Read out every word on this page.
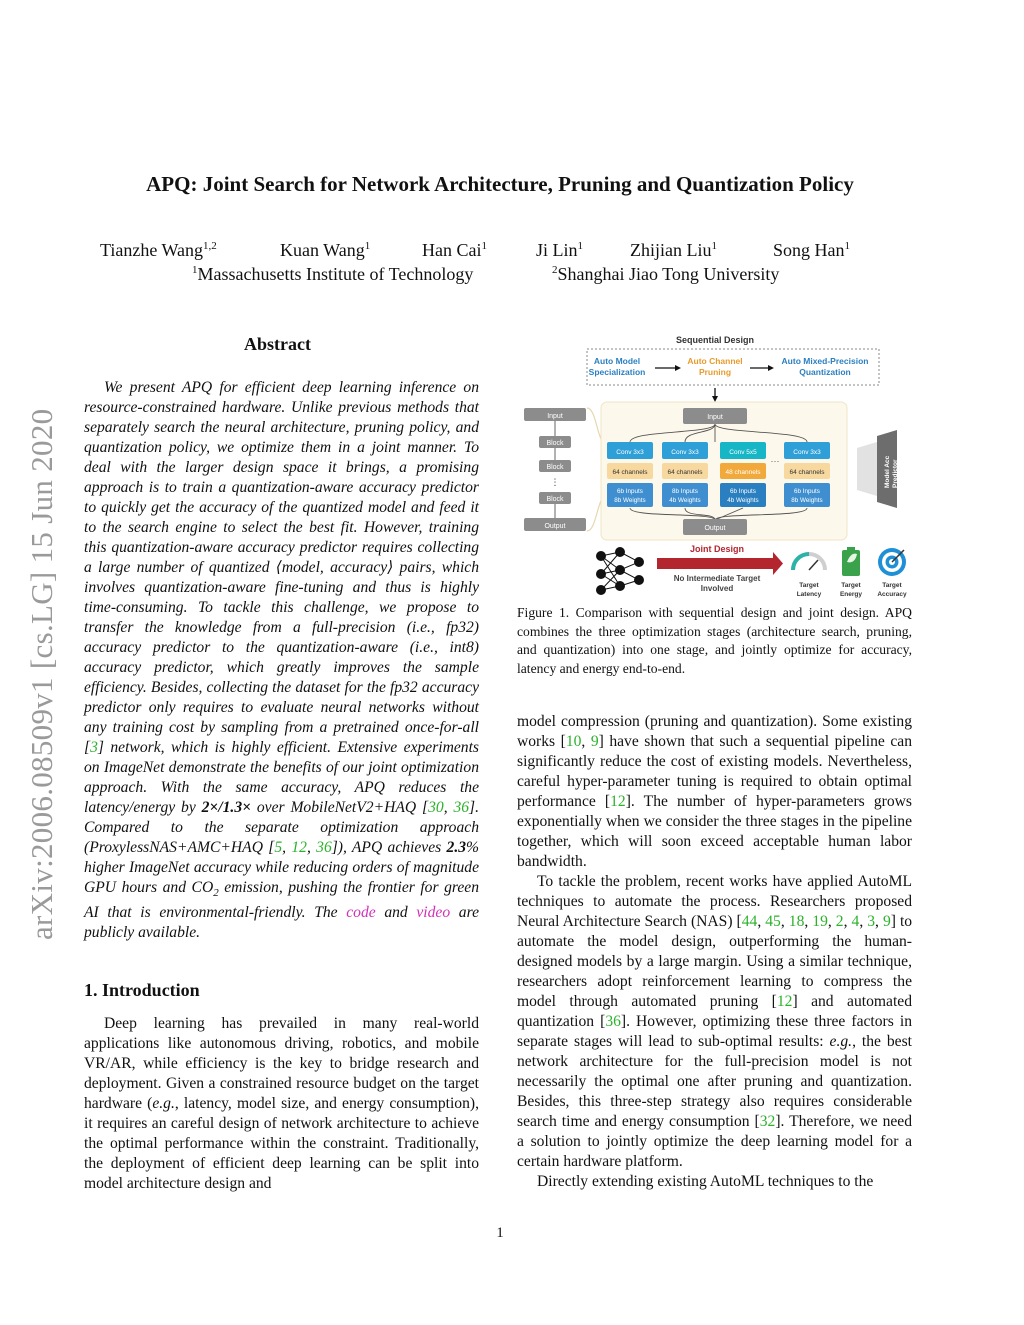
arXiv:2006.08509v1 [cs.LG] 15 Jun 2020
APQ: Joint Search for Network Architecture, Pruning and Quantization Policy
Tianzhe Wang$^{1,2}$	Kuan Wang$^1$	Han Cai$^1$	Ji Lin$^1$	Zhijian Liu$^1$	Song Han$^1$
$^1$Massachusetts Institute of Technology	$^2$Shanghai Jiao Tong University
Abstract

We present APQ for efficient deep learning inference on resource-constrained hardware. Unlike previous methods that separately search the neural architecture, pruning policy, and quantization policy, we optimize them in a joint manner. To deal with the larger design space it brings, a promising approach is to train a quantization-aware accuracy predictor to quickly get the accuracy of the quantized model and feed it to the search engine to select the best fit. However, training this quantization-aware accuracy predictor requires collecting a large number of quantized ⟨model, accuracy⟩ pairs, which involves quantization-aware fine-tuning and thus is highly time-consuming. To tackle this challenge, we propose to transfer the knowledge from a full-precision (i.e., fp32) accuracy predictor to the quantization-aware (i.e., int8) accuracy predictor, which greatly improves the sample efficiency. Besides, collecting the dataset for the fp32 accuracy predictor only requires to evaluate neural networks without any training cost by sampling from a pretrained once-for-all [3] network, which is highly efficient. Extensive experiments on ImageNet demonstrate the benefits of our joint optimization approach. With the same accuracy, APQ reduces the latency/energy by 2×/1.3× over MobileNetV2+HAQ [30, 36]. Compared to the separate optimization approach (ProxylessNAS+AMC+HAQ [5, 12, 36]), APQ achieves 2.3% higher ImageNet accuracy while reducing orders of magnitude GPU hours and $CO_2$ emission, pushing the frontier for green AI that is environmental-friendly. The code and video are publicly available.

1. Introduction

Deep learning has prevailed in many real-world applications like autonomous driving, robotics, and mobile VR/AR, while efficiency is the key to bridge research and deployment. Given a constrained resource budget on the target hardware (e.g., latency, model size, and energy consumption), it requires an careful design of network architecture to achieve the optimal performance within the constraint. Traditionally, the deployment of efficient deep learning can be split into model architecture design and

Sequential Design
Auto Model
Specialization
Auto Channel
Pruning
Auto Mixed-Precision
Quantization
Input
Block
Block
⋮
Block
Output
Input
Conv 3x3
64 channels
6b Inputs
8b Weights
Conv 3x3
64 channels
8b Inputs
4b Weights
Conv 5x5
48 channels
6b Inputs
4b Weights
···
Conv 3x3
64 channels
6b Inputs
8b Weights
Output
Model Acc Predictor
Joint Design
No Intermediate Target
Involved	Target
Latency
Target
Energy
Target
Accuracy
Figure 1. Comparison with sequential design and joint design. APQ combines the three optimization stages (architecture search, pruning, and quantization) into one stage, and jointly optimize for accuracy, latency and energy end-to-end.

model compression (pruning and quantization). Some existing works [10, 9] have shown that such a sequential pipeline can significantly reduce the cost of existing models. Nevertheless, careful hyper-parameter tuning is required to obtain optimal performance [12]. The number of hyper-parameters grows exponentially when we consider the three stages in the pipeline together, which will soon exceed acceptable human labor bandwidth.

To tackle the problem, recent works have applied AutoML techniques to automate the process. Researchers proposed Neural Architecture Search (NAS) [44, 45, 18, 19, 2, 4, 3, 9] to automate the model design, outperforming the human-designed models by a large margin. Using a similar technique, researchers adopt reinforcement learning to compress the model through automated pruning [12] and automated quantization [36]. However, optimizing these three factors in separate stages will lead to sub-optimal results: e.g., the best network architecture for the full-precision model is not necessarily the optimal one after pruning and quantization. Besides, this three-step strategy also requires considerable search time and energy consumption [32]. Therefore, we need a solution to jointly optimize the deep learning model for a certain hardware platform.

Directly extending existing AutoML techniques to the

1
